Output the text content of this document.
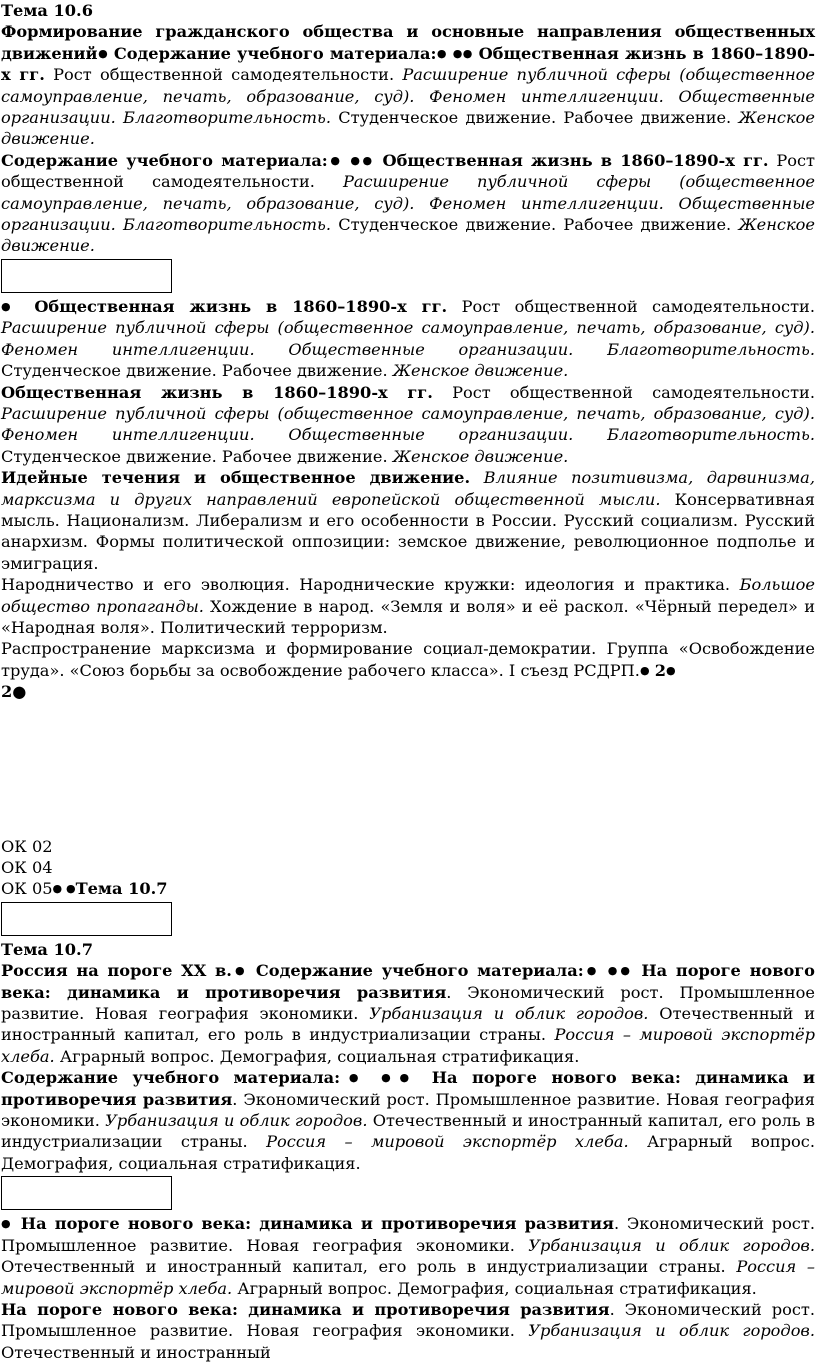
Тема 10.6

Формирование гражданского общества и основные направления общественных движений● Содержание учебного материала:● ●● Общественная жизнь в 1860–1890-х гг. Рост общественной самодеятельности. Расширение публичной сферы (общественное самоуправление, печать, образование, суд). Феномен интеллигенции. Общественные организации. Благотворительность. Студенческое движение. Рабочее движение. Женское движение.

Содержание учебного материала:● ●● Общественная жизнь в 1860–1890-х гг. Рост общественной самодеятельности. Расширение публичной сферы (общественное самоуправление, печать, образование, суд). Феномен интеллигенции. Общественные организации. Благотворительность. Студенческое движение. Рабочее движение. Женское движение.

● Общественная жизнь в 1860–1890-х гг. Рост общественной самодеятельности. Расширение публичной сферы (общественное самоуправление, печать, образование, суд). Феномен интеллигенции. Общественные организации. Благотворительность. Студенческое движение. Рабочее движение. Женское движение.

Общественная жизнь в 1860–1890-х гг. Рост общественной самодеятельности. Расширение публичной сферы (общественное самоуправление, печать, образование, суд). Феномен интеллигенции. Общественные организации. Благотворительность. Студенческое движение. Рабочее движение. Женское движение.

Идейные течения и общественное движение. Влияние позитивизма, дарвинизма, марксизма и других направлений европейской общественной мысли. Консервативная мысль. Национализм. Либерализм и его особенности в России. Русский социализм. Русский анархизм. Формы политической оппозиции: земское движение, революционное подполье и эмиграция.

Народничество и его эволюция. Народнические кружки: идеология и практика. Большое общество пропаганды. Хождение в народ. «Земля и воля» и её раскол. «Чёрный передел» и «Народная воля». Политический терроризм.

Распространение марксизма и формирование социал-демократии. Группа «Освобождение труда». «Союз борьбы за освобождение рабочего класса». I съезд РСДРП.● 2●

2●

ОК 02

ОК 04

ОК 05● ●Тема 10.7

Тема 10.7

Россия на пороге XX в.● Содержание учебного материала:● ●● На пороге нового века: динамика и противоречия развития. Экономический рост. Промышленное развитие. Новая география экономики. Урбанизация и облик городов. Отечественный и иностранный капитал, его роль в индустриализации страны. Россия – мировой экспортёр хлеба. Аграрный вопрос. Демография, социальная стратификация.

Содержание учебного материала:● ●● На пороге нового века: динамика и противоречия развития. Экономический рост. Промышленное развитие. Новая география экономики. Урбанизация и облик городов. Отечественный и иностранный капитал, его роль в индустриализации страны. Россия – мировой экспортёр хлеба. Аграрный вопрос. Демография, социальная стратификация.

● На пороге нового века: динамика и противоречия развития. Экономический рост. Промышленное развитие. Новая география экономики. Урбанизация и облик городов. Отечественный и иностранный капитал, его роль в индустриализации страны. Россия – мировой экспортёр хлеба. Аграрный вопрос. Демография, социальная стратификация.

На пороге нового века: динамика и противоречия развития. Экономический рост. Промышленное развитие. Новая география экономики. Урбанизация и облик городов. Отечественный и иностранный
